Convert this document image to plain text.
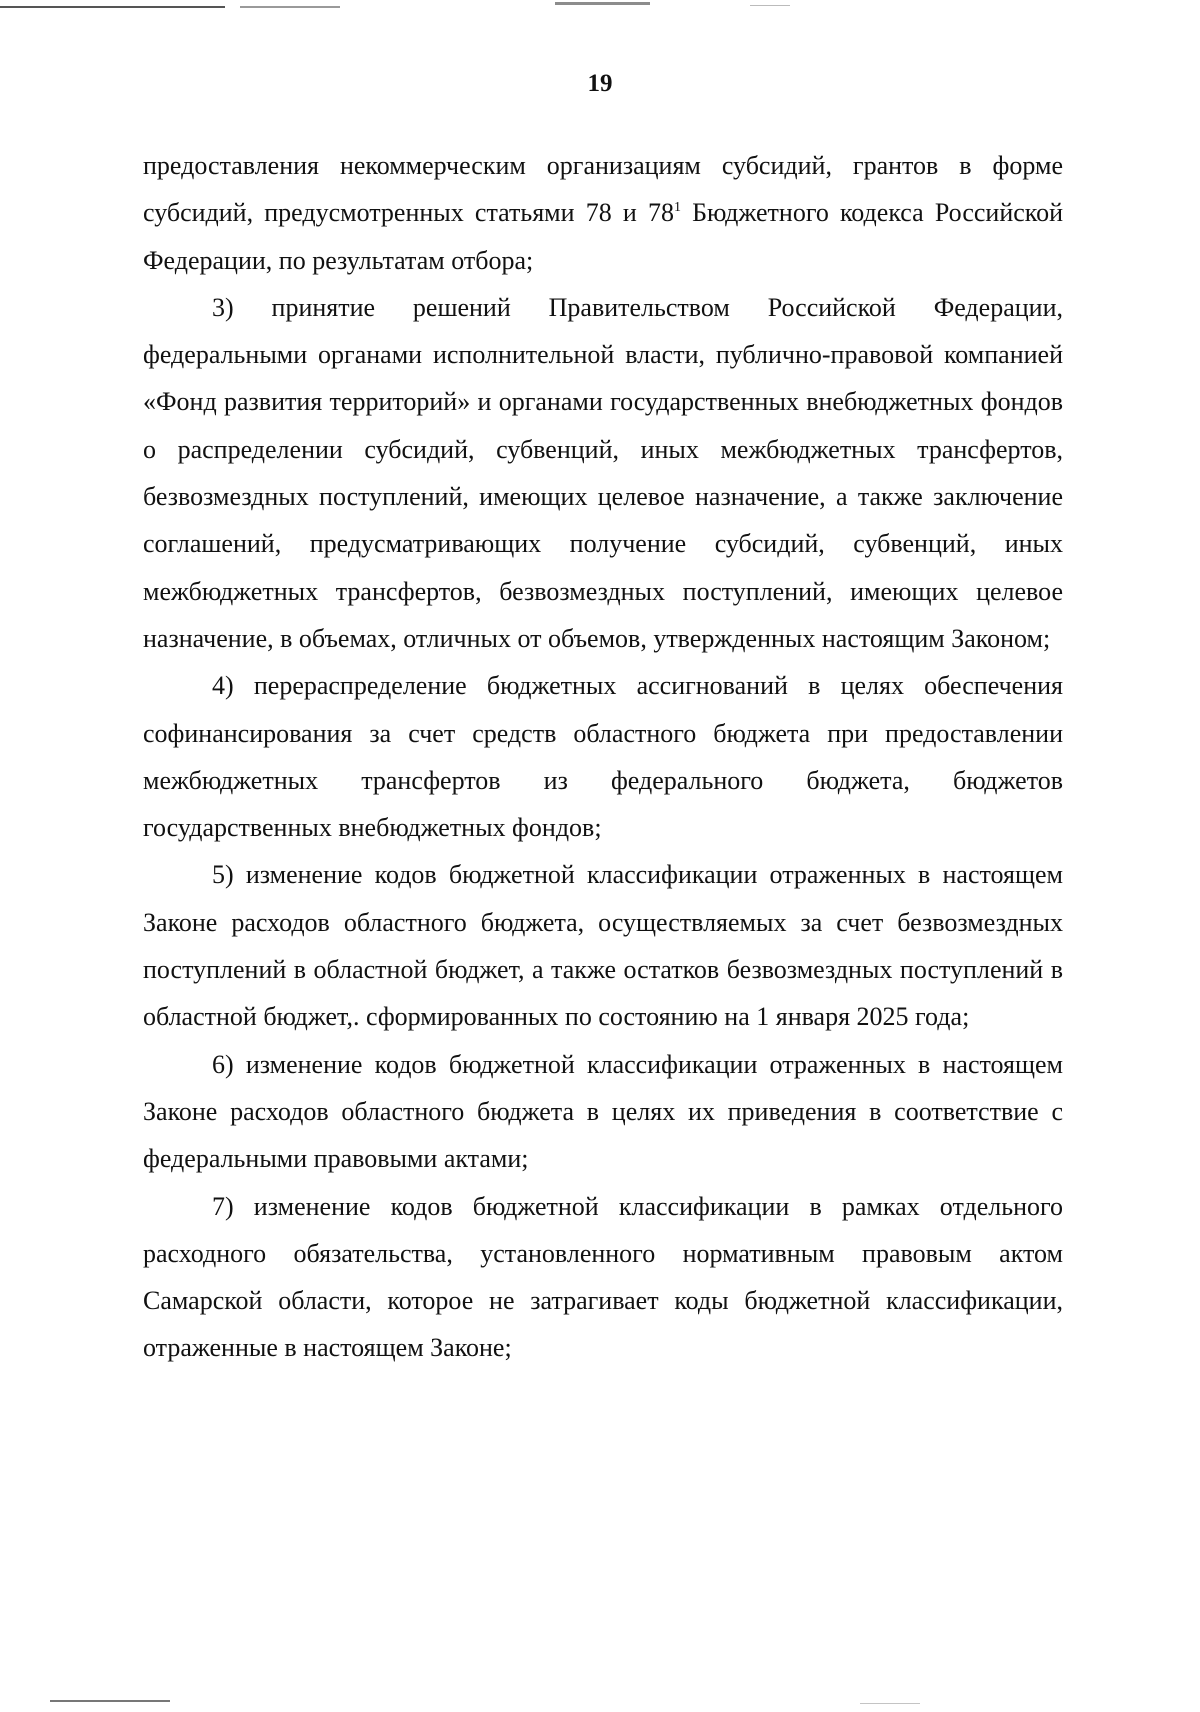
19

предоставления некоммерческим организациям субсидий, грантов в форме субсидий, предусмотренных статьями 78 и $78^1$ Бюджетного кодекса Российской Федерации, по результатам отбора;

3) принятие решений Правительством Российской Федерации, федеральными органами исполнительной власти, публично-правовой компанией «Фонд развития территорий» и органами государственных внебюджетных фондов о распределении субсидий, субвенций, иных межбюджетных трансфертов, безвозмездных поступлений, имеющих целевое назначение, а также заключение соглашений, предусматривающих получение субсидий, субвенций, иных межбюджетных трансфертов, безвозмездных поступлений, имеющих целевое назначение, в объемах, отличных от объемов, утвержденных настоящим Законом;

4) перераспределение бюджетных ассигнований в целях обеспечения софинансирования за счет средств областного бюджета при предоставлении межбюджетных трансфертов из федерального бюджета, бюджетов государственных внебюджетных фондов;

5) изменение кодов бюджетной классификации отраженных в настоящем Законе расходов областного бюджета, осуществляемых за счет безвозмездных поступлений в областной бюджет, а также остатков безвозмездных поступлений в областной бюджет,. сформированных по состоянию на 1 января 2025 года;

6) изменение кодов бюджетной классификации отраженных в настоящем Законе расходов областного бюджета в целях их приведения в соответствие с федеральными правовыми актами;

7) изменение кодов бюджетной классификации в рамках отдельного расходного обязательства, установленного нормативным правовым актом Самарской области, которое не затрагивает коды бюджетной классификации, отраженные в настоящем Законе;
